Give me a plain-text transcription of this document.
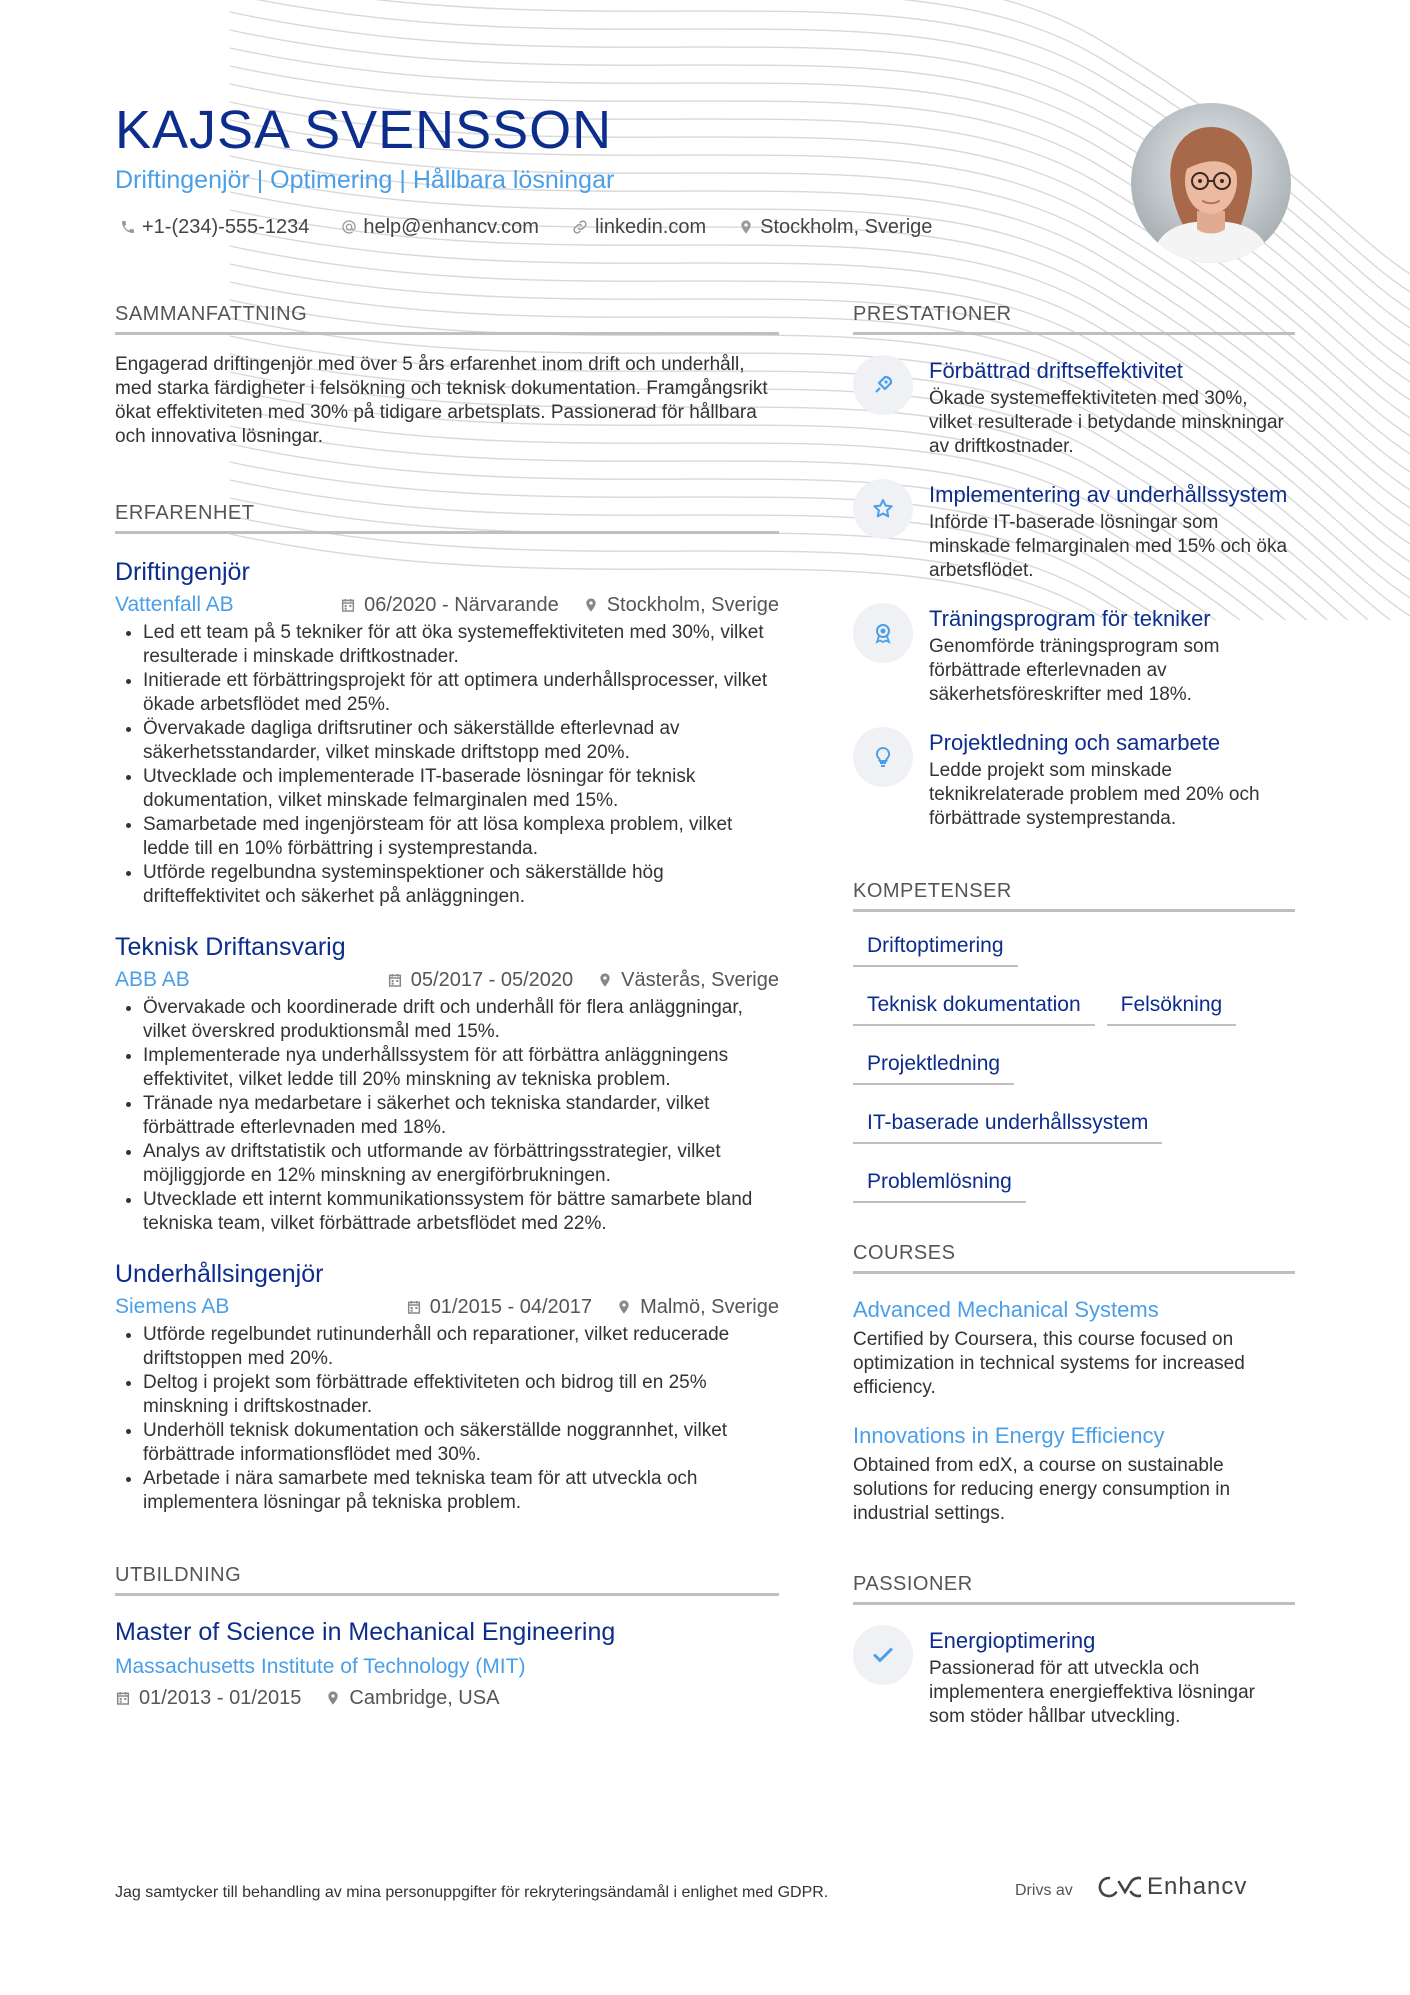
KAJSA SVENSSON
Driftingenjör | Optimering | Hållbara lösningar
+1-(234)-555-1234	help@enhancv.com	linkedin.com	Stockholm, Sverige
SAMMANFATTNING

Engagerad driftingenjör med över 5 års erfarenhet inom drift och underhåll, med starka färdigheter i felsökning och teknisk dokumentation. Framgångsrikt ökat effektiviteten med 30% på tidigare arbetsplats. Passionerad för hållbara och innovativa lösningar.

ERFARENHET
Driftingenjör
Vattenfall AB	06/2020 - Närvarande Stockholm, Sverige
• Led ett team på 5 tekniker för att öka systemeffektiviteten med 30%, vilket resulterade i minskade driftkostnader.
• Initierade ett förbättringsprojekt för att optimera underhållsprocesser, vilket ökade arbetsflödet med 25%.
• Övervakade dagliga driftsrutiner och säkerställde efterlevnad av säkerhetsstandarder, vilket minskade driftstopp med 20%.
• Utvecklade och implementerade IT-baserade lösningar för teknisk dokumentation, vilket minskade felmarginalen med 15%.
• Samarbetade med ingenjörsteam för att lösa komplexa problem, vilket ledde till en 10% förbättring i systemprestanda.
• Utförde regelbundna systeminspektioner och säkerställde hög drifteffektivitet och säkerhet på anläggningen.
Teknisk Driftansvarig
ABB AB	05/2017 - 05/2020 Västerås, Sverige
• Övervakade och koordinerade drift och underhåll för flera anläggningar, vilket överskred produktionsmål med 15%.
• Implementerade nya underhållssystem för att förbättra anläggningens effektivitet, vilket ledde till 20% minskning av tekniska problem.
• Tränade nya medarbetare i säkerhet och tekniska standarder, vilket förbättrade efterlevnaden med 18%.
• Analys av driftstatistik och utformande av förbättringsstrategier, vilket möjliggjorde en 12% minskning av energiförbrukningen.
• Utvecklade ett internt kommunikationssystem för bättre samarbete bland tekniska team, vilket förbättrade arbetsflödet med 22%.
Underhållsingenjör
Siemens AB	01/2015 - 04/2017 Malmö, Sverige
• Utförde regelbundet rutinunderhåll och reparationer, vilket reducerade driftstoppen med 20%.
• Deltog i projekt som förbättrade effektiviteten och bidrog till en 25% minskning i driftskostnader.
• Underhöll teknisk dokumentation och säkerställde noggrannhet, vilket förbättrade informationsflödet med 30%.
• Arbetade i nära samarbete med tekniska team för att utveckla och implementera lösningar på tekniska problem.
UTBILDNING
Master of Science in Mechanical Engineering
Massachusetts Institute of Technology (MIT)
01/2013 - 01/2015 Cambridge, USA
PRESTATIONER
Förbättrad driftseffektivitet
Ökade systemeffektiviteten med 30%, vilket resulterade i betydande minskningar av driftkostnader.
Implementering av underhållssystem
Införde IT-baserade lösningar som minskade felmarginalen med 15% och öka arbetsflödet.
Träningsprogram för tekniker
Genomförde träningsprogram som förbättrade efterlevnaden av säkerhetsföreskrifter med 18%.
Projektledning och samarbete
Ledde projekt som minskade teknikrelaterade problem med 20% och förbättrade systemprestanda.
KOMPETENSER
Driftoptimering
Teknisk dokumentation	Felsökning
Projektledning
IT-baserade underhållssystem
Problemlösning
COURSES
Advanced Mechanical Systems

Certified by Coursera, this course focused on optimization in technical systems for increased efficiency.

Innovations in Energy Efficiency

Obtained from edX, a course on sustainable solutions for reducing energy consumption in industrial settings.

PASSIONER
Energioptimering
Passionerad för att utveckla och implementera energieffektiva lösningar som stöder hållbar utveckling.
Jag samtycker till behandling av mina personuppgifter för rekryteringsändamål i enlighet med GDPR.	Drivs av	Enhancv
